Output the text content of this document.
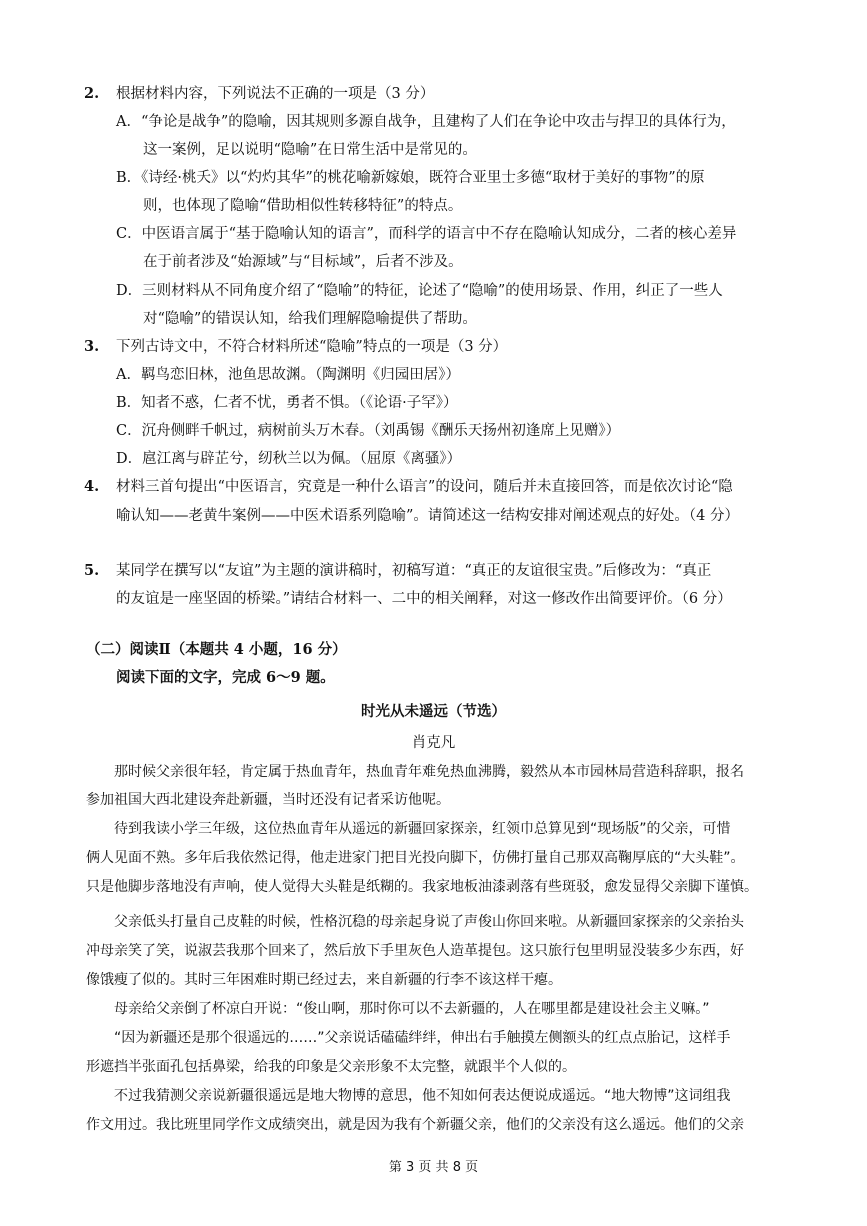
2. 根据材料内容，下列说法不正确的一项是（3 分）
A．“争论是战争”的隐喻，因其规则多源自战争，且建构了人们在争论中攻击与捍卫的具体行为，
这一案例，足以说明“隐喻”在日常生活中是常见的。
B．《诗经·桃夭》以“灼灼其华”的桃花喻新嫁娘，既符合亚里士多德“取材于美好的事物”的原
则，也体现了隐喻“借助相似性转移特征”的特点。
C．中医语言属于“基于隐喻认知的语言”，而科学的语言中不存在隐喻认知成分，二者的核心差异
在于前者涉及“始源域”与“目标域”，后者不涉及。
D．三则材料从不同角度介绍了“隐喻”的特征，论述了“隐喻”的使用场景、作用，纠正了一些人
对“隐喻”的错误认知，给我们理解隐喻提供了帮助。
3. 下列古诗文中，不符合材料所述“隐喻”特点的一项是（3 分）
A．羁鸟恋旧林，池鱼思故渊。（陶渊明《归园田居》）
B．知者不惑，仁者不忧，勇者不惧。（《论语·子罕》）
C．沉舟侧畔千帆过，病树前头万木春。（刘禹锡《酬乐天扬州初逢席上见赠》）
D．扈江离与辟芷兮，纫秋兰以为佩。（屈原《离骚》）
4. 材料三首句提出“中医语言，究竟是一种什么语言”的设问，随后并未直接回答，而是依次讨论“隐
喻认知——老黄牛案例——中医术语系列隐喻”。请简述这一结构安排对阐述观点的好处。（4 分）
5. 某同学在撰写以“友谊”为主题的演讲稿时，初稿写道：“真正的友谊很宝贵。”后修改为：“真正
的友谊是一座坚固的桥梁。”请结合材料一、二中的相关阐释，对这一修改作出简要评价。（6 分）
（二）阅读Ⅱ（本题共 4 小题，16 分）
阅读下面的文字，完成 6～9 题。
时光从未遥远（节选）
肖克凡
　　那时候父亲很年轻，肯定属于热血青年，热血青年难免热血沸腾，毅然从本市园林局营造科辞职，报名
参加祖国大西北建设奔赴新疆，当时还没有记者采访他呢。
　　待到我读小学三年级，这位热血青年从遥远的新疆回家探亲，红领巾总算见到“现场版”的父亲，可惜
俩人见面不熟。多年后我依然记得，他走进家门把目光投向脚下，仿佛打量自己那双高鞠厚底的“大头鞋”。
只是他脚步落地没有声响，使人觉得大头鞋是纸糊的。我家地板油漆剥落有些斑驳，愈发显得父亲脚下谨慎。
　　父亲低头打量自己皮鞋的时候，性格沉稳的母亲起身说了声俊山你回来啦。从新疆回家探亲的父亲抬头
冲母亲笑了笑，说淑芸我那个回来了，然后放下手里灰色人造革提包。这只旅行包里明显没装多少东西，好
像饿瘦了似的。其时三年困难时期已经过去，来自新疆的行李不该这样干瘪。
　　母亲给父亲倒了杯凉白开说：“俊山啊，那时你可以不去新疆的，人在哪里都是建设社会主义嘛。”
　　“因为新疆还是那个很遥远的……”父亲说话磕磕绊绊，伸出右手触摸左侧额头的红点点胎记，这样手
形遮挡半张面孔包括鼻梁，给我的印象是父亲形象不太完整，就跟半个人似的。
　　不过我猜测父亲说新疆很遥远是地大物博的意思，他不知如何表达便说成遥远。“地大物博”这词组我
作文用过。我比班里同学作文成绩突出，就是因为我有个新疆父亲，他们的父亲没有这么遥远。他们的父亲
第 3 页 共 8 页
